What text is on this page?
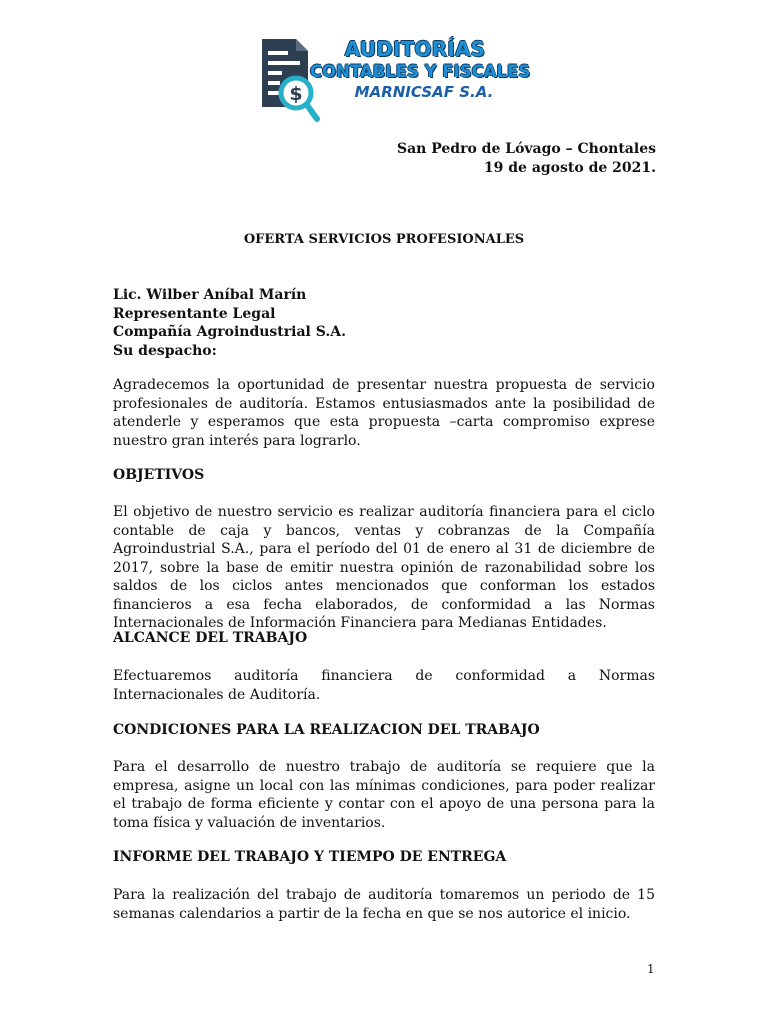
$
AUDITORÍAS
CONTABLES Y FISCALES
MARNICSAF S.A.
San Pedro de Lóvago – Chontales
19 de agosto de 2021.
OFERTA SERVICIOS PROFESIONALES
Lic. Wilber Aníbal Marín
Representante Legal
Compañía Agroindustrial S.A.
Su despacho:

Agradecemos la oportunidad de presentar nuestra propuesta de servicio profesionales de auditoría. Estamos entusiasmados ante la posibilidad de atenderle y esperamos que esta propuesta –carta compromiso exprese nuestro gran interés para lograrlo.

OBJETIVOS

El objetivo de nuestro servicio es realizar auditoría financiera para el ciclo contable de caja y bancos, ventas y cobranzas de la Compañía Agroindustrial S.A., para el período del 01 de enero al 31 de diciembre de 2017, sobre la base de emitir nuestra opinión de razonabilidad sobre los saldos de los ciclos antes mencionados que conforman los estados financieros a esa fecha elaborados, de conformidad a las Normas Internacionales de Información Financiera para Medianas Entidades.

ALCANCE DEL TRABAJO

Efectuaremos auditoría financiera de conformidad a Normas Internacionales de Auditoría.

CONDICIONES PARA LA REALIZACION DEL TRABAJO

Para el desarrollo de nuestro trabajo de auditoría se requiere que la empresa, asigne un local con las mínimas condiciones, para poder realizar el trabajo de forma eficiente y contar con el apoyo de una persona para la toma física y valuación de inventarios.

INFORME DEL TRABAJO Y TIEMPO DE ENTREGA

Para la realización del trabajo de auditoría tomaremos un periodo de 15 semanas calendarios a partir de la fecha en que se nos autorice el inicio.

1
